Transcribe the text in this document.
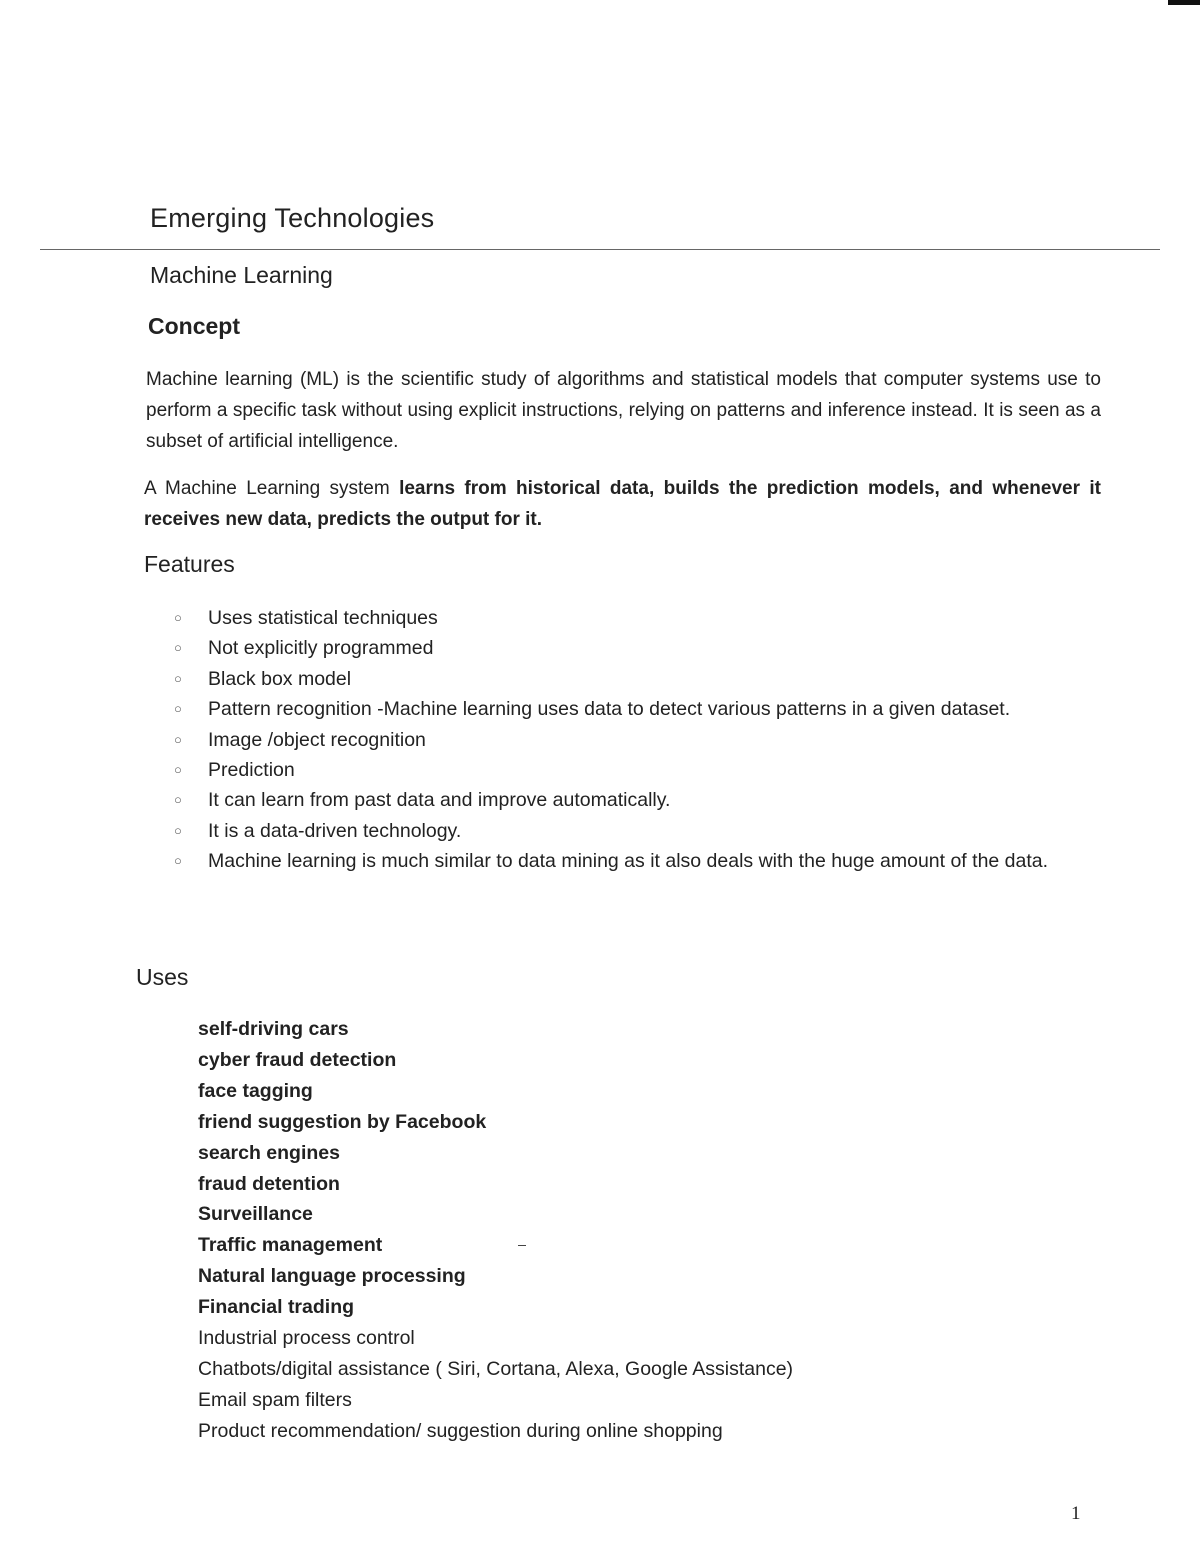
Emerging Technologies
Machine Learning
Concept
Machine learning (ML) is the scientific study of algorithms and statistical models that computer systems use to perform a specific task without using explicit instructions, relying on patterns and inference instead. It is seen as a subset of artificial intelligence.
A Machine Learning system learns from historical data, builds the prediction models, and whenever it receives new data, predicts the output for it.
Features
○ Uses statistical techniques
○ Not explicitly programmed
○ Black box model
○ Pattern recognition -Machine learning uses data to detect various patterns in a given dataset.
○ Image /object recognition
○ Prediction
○ It can learn from past data and improve automatically.
○ It is a data-driven technology.
○ Machine learning is much similar to data mining as it also deals with the huge amount of the data.
Uses
self-driving cars
cyber fraud detection
face tagging
friend suggestion by Facebook
search engines
fraud detention
Surveillance
Traffic management
Natural language processing
Financial trading
Industrial process control
Chatbots/digital assistance ( Siri, Cortana, Alexa, Google Assistance)
Email spam filters
Product recommendation/ suggestion during online shopping
1
